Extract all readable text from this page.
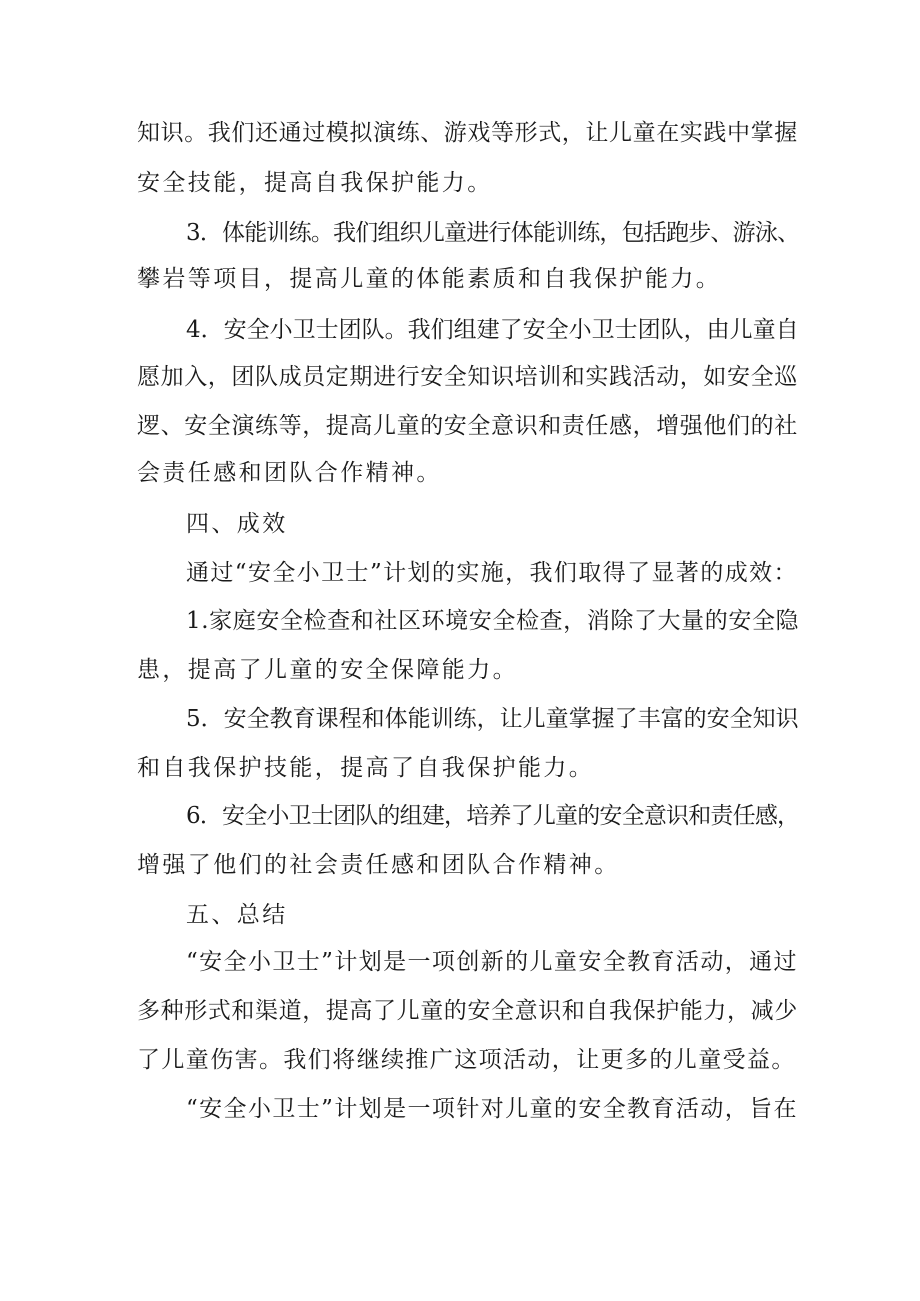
知识。我们还通过模拟演练、游戏等形式，让儿童在实践中掌握
安全技能，提高自我保护能力。
3．体能训练。我们组织儿童进行体能训练，包括跑步、游泳、
攀岩等项目，提高儿童的体能素质和自我保护能力。
4．安全小卫士团队。我们组建了安全小卫士团队，由儿童自
愿加入，团队成员定期进行安全知识培训和实践活动，如安全巡
逻、安全演练等，提高儿童的安全意识和责任感，增强他们的社
会责任感和团队合作精神。
四、成效
通过“安全小卫士”计划的实施，我们取得了显著的成效：
1.家庭安全检查和社区环境安全检查，消除了大量的安全隐
患，提高了儿童的安全保障能力。
5．安全教育课程和体能训练，让儿童掌握了丰富的安全知识
和自我保护技能，提高了自我保护能力。
6．安全小卫士团队的组建，培养了儿童的安全意识和责任感，
增强了他们的社会责任感和团队合作精神。
五、总结
“安全小卫士”计划是一项创新的儿童安全教育活动，通过
多种形式和渠道，提高了儿童的安全意识和自我保护能力，减少
了儿童伤害。我们将继续推广这项活动，让更多的儿童受益。
“安全小卫士”计划是一项针对儿童的安全教育活动，旨在
